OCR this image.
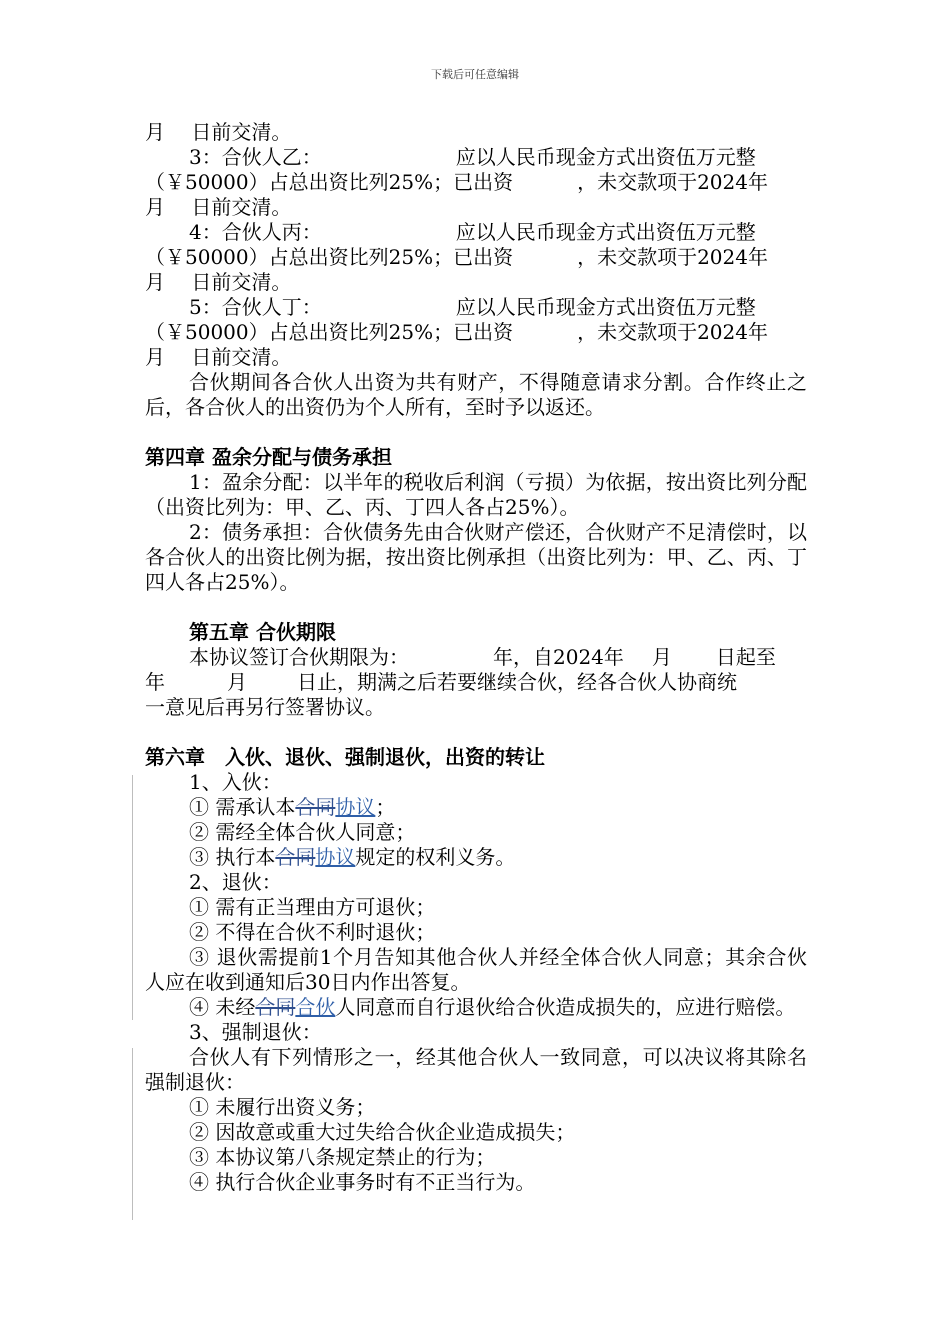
下载后可任意编辑

月　 日前交清。

3：合伙人乙：	应以人民币现金方式出资伍万元整

（￥50000）占总出资比列25%；已出资	，未交款项于2024年

月　 日前交清。

4：合伙人丙：	应以人民币现金方式出资伍万元整

（￥50000）占总出资比列25%；已出资	，未交款项于2024年

月　 日前交清。

5：合伙人丁：	应以人民币现金方式出资伍万元整

（￥50000）占总出资比列25%；已出资	，未交款项于2024年

月　 日前交清。

合伙期间各合伙人出资为共有财产，不得随意请求分割。合作终止之后，各合伙人的出资仍为个人所有，至时予以返还。

第四章 盈余分配与债务承担

1：盈余分配：以半年的税收后利润（亏损）为依据，按出资比列分配（出资比列为：甲、乙、丙、丁四人各占25%）。

2：债务承担：合伙债务先由合伙财产偿还，合伙财产不足清偿时，以各合伙人的出资比例为据，按出资比例承担（出资比列为：甲、乙、丙、丁四人各占25%）。

第五章 合伙期限

本协议签订合伙期限为：	年，自2024年 月 日起至

年	月	日止，期满之后若要继续合伙，经各合伙人协商统

一意见后再另行签署协议。

第六章　入伙、退伙、强制退伙，出资的转让

1、入伙：

① 需承认本合同协议；

② 需经全体合伙人同意；

③ 执行本合同协议规定的权利义务。

2、退伙：

① 需有正当理由方可退伙；

② 不得在合伙不利时退伙；

③ 退伙需提前1个月告知其他合伙人并经全体合伙人同意；其余合伙人应在收到通知后30日内作出答复。

④ 未经合同合伙人同意而自行退伙给合伙造成损失的，应进行赔偿。

3、强制退伙：

合伙人有下列情形之一，经其他合伙人一致同意，可以决议将其除名强制退伙：

① 未履行出资义务；

② 因故意或重大过失给合伙企业造成损失；

③ 本协议第八条规定禁止的行为；

④ 执行合伙企业事务时有不正当行为。
